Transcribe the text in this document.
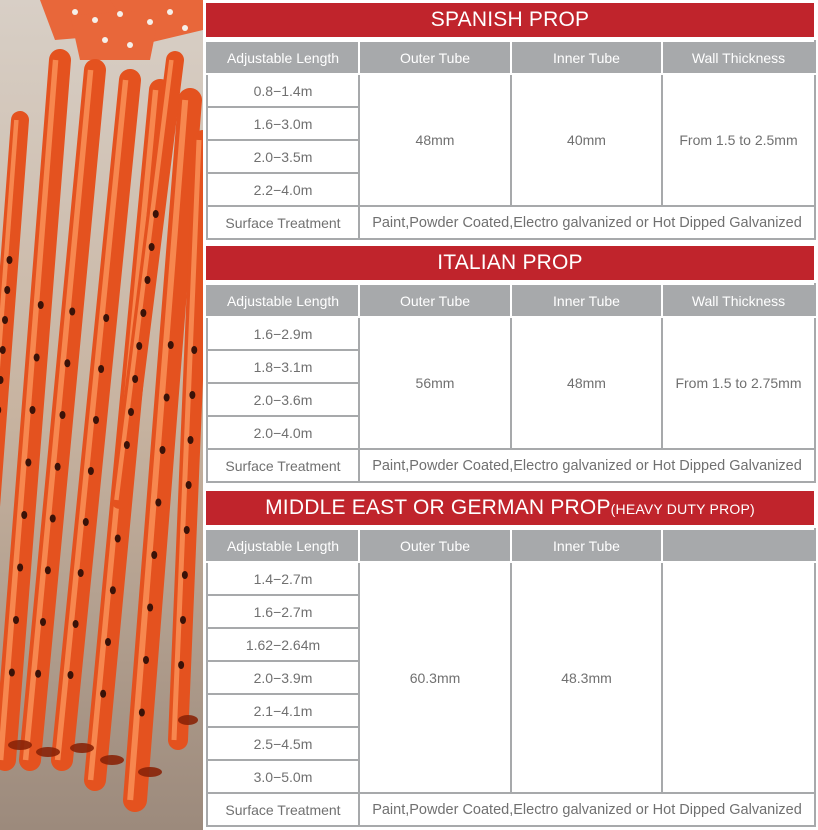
SPANISH PROP
Adjustable Length	Outer Tube	Inner Tube	Wall Thickness
0.8−1.4m	48mm	40mm	From 1.5 to 2.5mm
1.6−3.0m			
2.0−3.5m			
2.2−4.0m			
Surface Treatment	Paint,Powder Coated,Electro galvanized or Hot Dipped Galvanized		
ITALIAN PROP
Adjustable Length	Outer Tube	Inner Tube	Wall Thickness
1.6−2.9m	56mm	48mm	From 1.5 to 2.75mm
1.8−3.1m			
2.0−3.6m			
2.0−4.0m			
Surface Treatment	Paint,Powder Coated,Electro galvanized or Hot Dipped Galvanized		
MIDDLE EAST OR GERMAN PROP(HEAVY DUTY PROP)
Adjustable Length	Outer Tube	Inner Tube	
1.4−2.7m	60.3mm	48.3mm	
1.6−2.7m			
1.62−2.64m			
2.0−3.9m			
2.1−4.1m			
2.5−4.5m			
3.0−5.0m			
Surface Treatment	Paint,Powder Coated,Electro galvanized or Hot Dipped Galvanized		
